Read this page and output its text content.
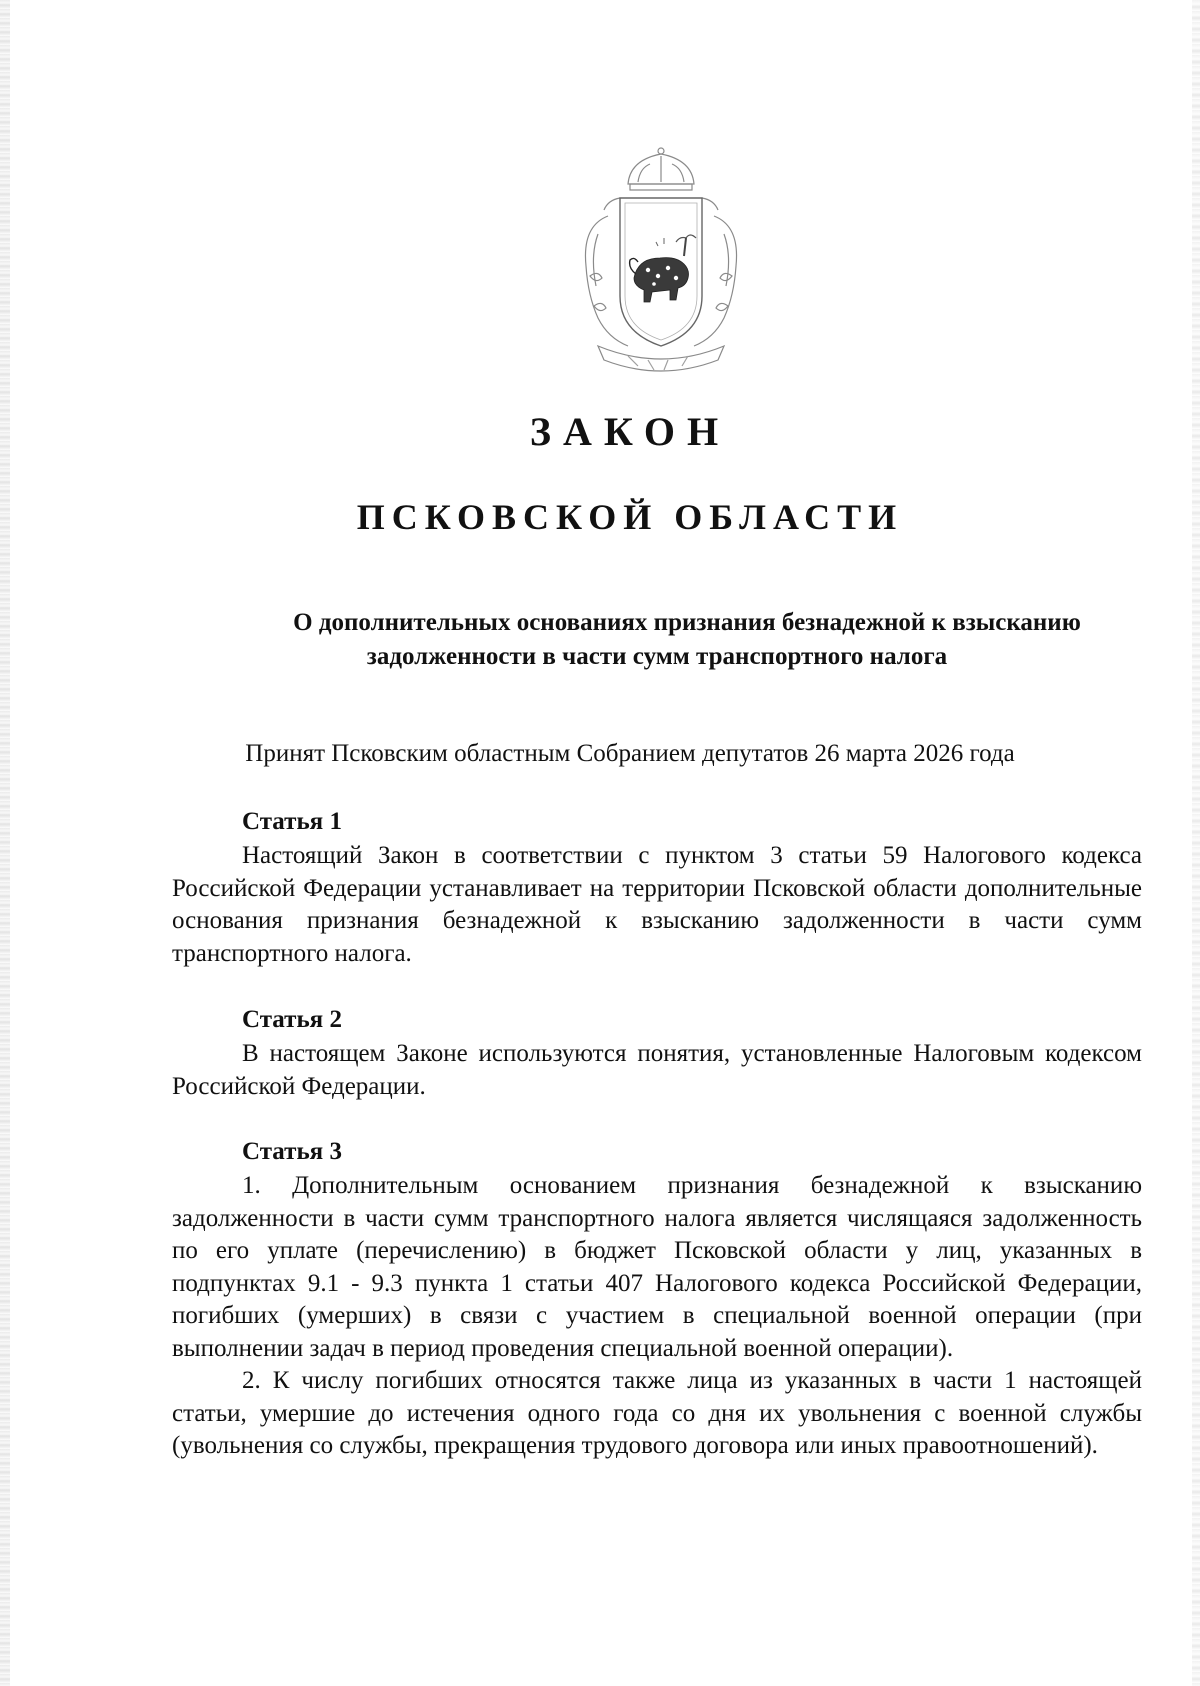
ЗАКОН
ПСКОВСКОЙ ОБЛАСТИ

О дополнительных основаниях признания безнадежной к взысканию
задолженности в части сумм транспортного налога

Принят Псковским областным Собранием депутатов 26 марта 2026 года

Статья 1

Настоящий Закон в соответствии с пунктом 3 статьи 59 Налогового кодекса Российской Федерации устанавливает на территории Псковской области дополнительные основания признания безнадежной к взысканию задолженности в части сумм транспортного налога.

Статья 2

В настоящем Законе используются понятия, установленные Налоговым кодексом Российской Федерации.

Статья 3

1. Дополнительным основанием признания безнадежной к взысканию задолженности в части сумм транспортного налога является числящаяся задолженность по его уплате (перечислению) в бюджет Псковской области у лиц, указанных в подпунктах 9.1 - 9.3 пункта 1 статьи 407 Налогового кодекса Российской Федерации, погибших (умерших) в связи с участием в специальной военной операции (при выполнении задач в период проведения специальной военной операции).

2. К числу погибших относятся также лица из указанных в части 1 настоящей статьи, умершие до истечения одного года со дня их увольнения с военной службы (увольнения со службы, прекращения трудового договора или иных правоотношений).
